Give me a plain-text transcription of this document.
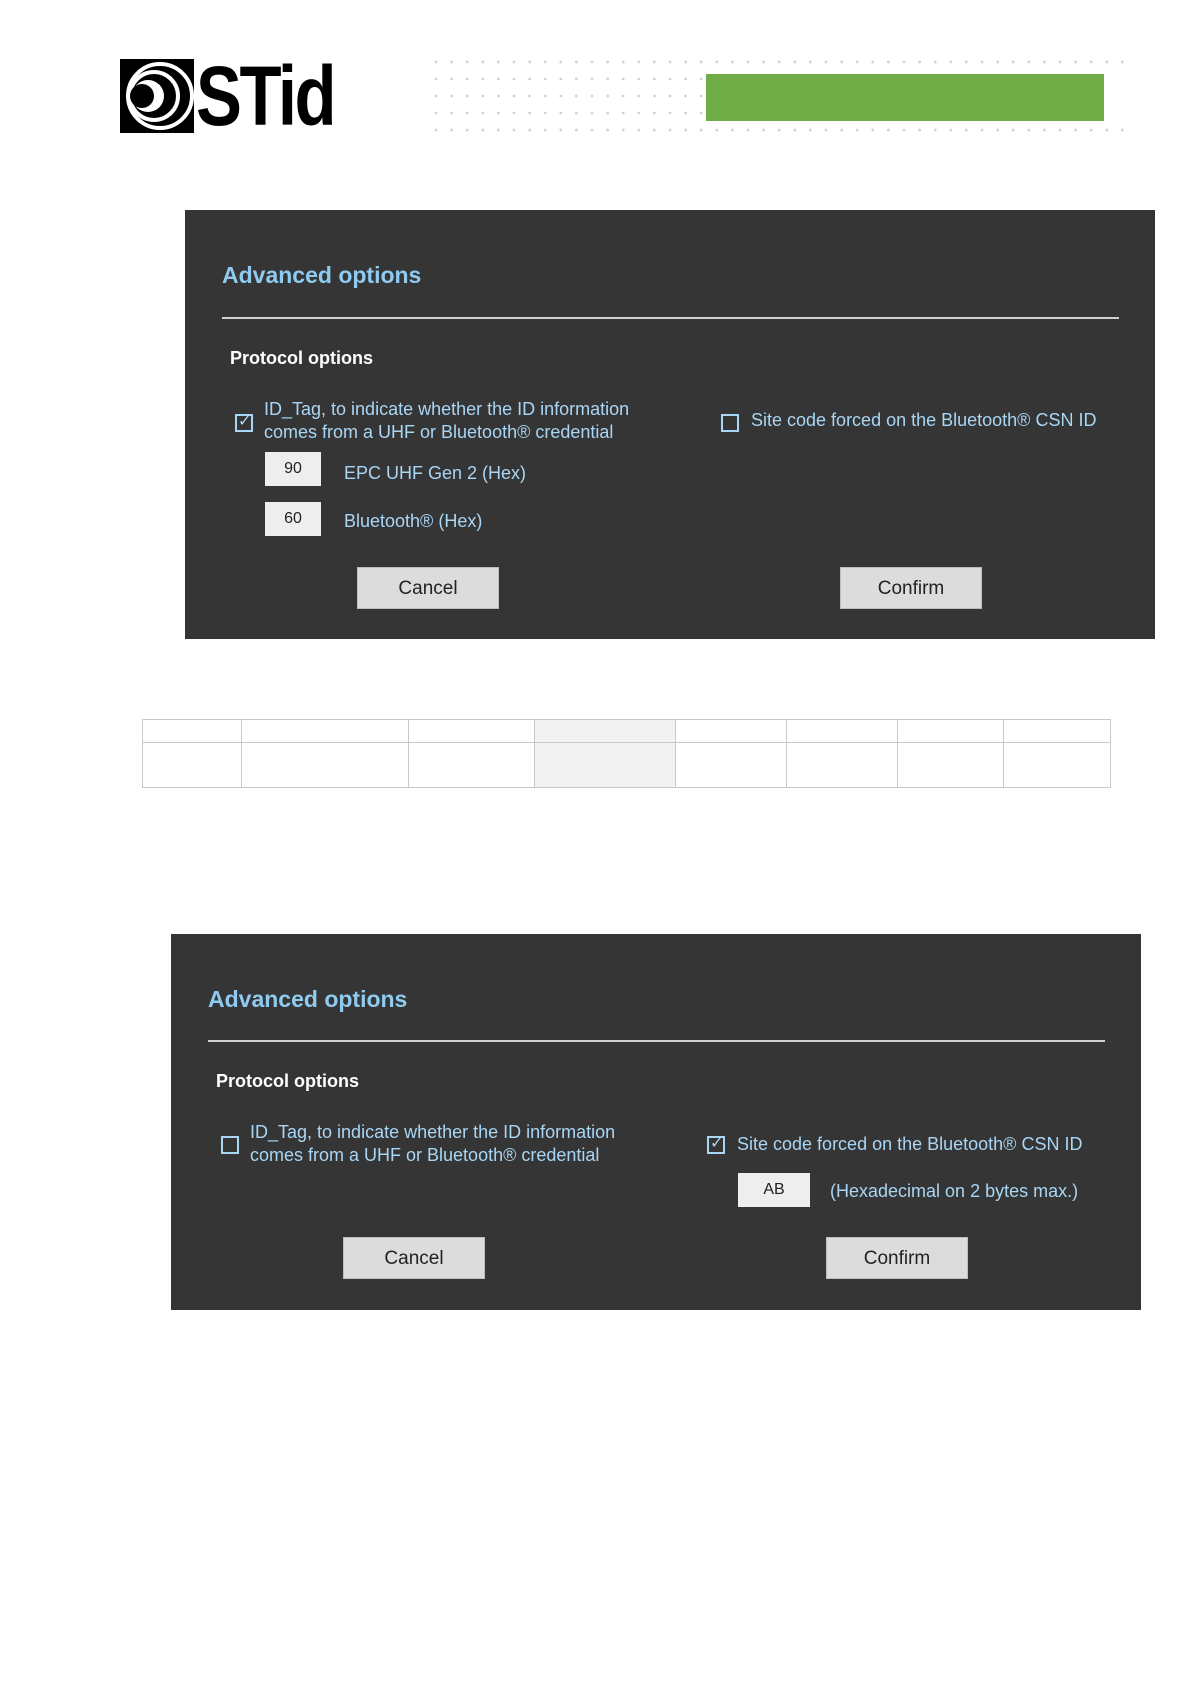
STid
Advanced options
Protocol options
✓
ID_Tag, to indicate whether the ID information
comes from a UHF or Bluetooth® credential
Site code forced on the Bluetooth® CSN ID
90	EPC UHF Gen 2 (Hex)
60	Bluetooth® (Hex)
Cancel	Confirm

Advanced options
Protocol options
ID_Tag, to indicate whether the ID information
comes from a UHF or Bluetooth® credential
✓ Site code forced on the Bluetooth® CSN ID
AB	(Hexadecimal on 2 bytes max.)
Cancel	Confirm
